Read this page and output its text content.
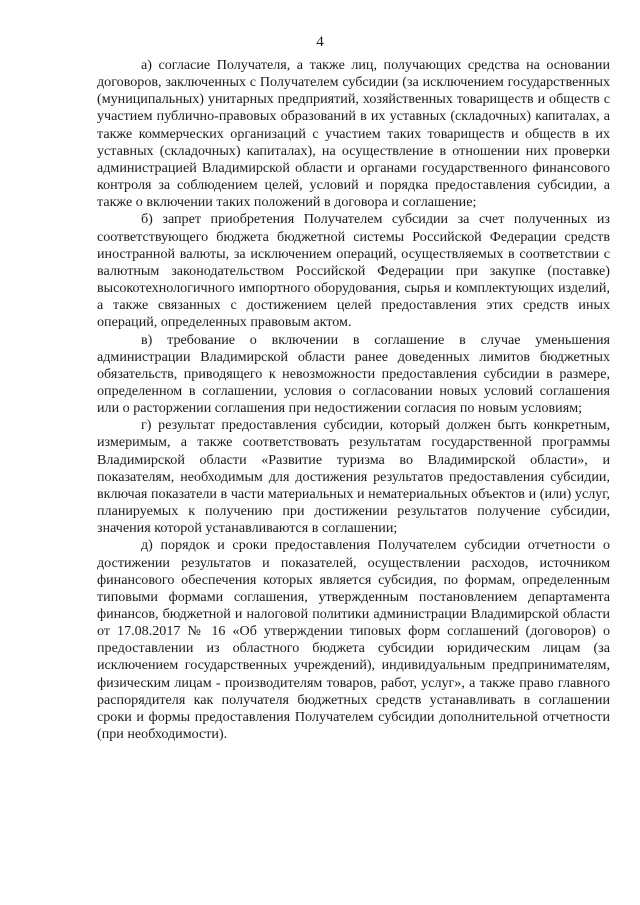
4

а) согласие Получателя, а также лиц, получающих средства на основании договоров, заключенных с Получателем субсидии (за исключением государственных (муниципальных) унитарных предприятий, хозяйственных товариществ и обществ с участием публично-правовых образований в их уставных (складочных) капиталах, а также коммерческих организаций с участием таких товариществ и обществ в их уставных (складочных) капиталах), на осуществление в отношении них проверки администрацией Владимирской области и органами государственного финансового контроля за соблюдением целей, условий и порядка предоставления субсидии, а также о включении таких положений в договора и соглашение;

б) запрет приобретения Получателем субсидии за счет полученных из соответствующего бюджета бюджетной системы Российской Федерации средств иностранной валюты, за исключением операций, осуществляемых в соответствии с валютным законодательством Российской Федерации при закупке (поставке) высокотехнологичного импортного оборудования, сырья и комплектующих изделий, а также связанных с достижением целей предоставления этих средств иных операций, определенных правовым актом.

в) требование о включении в соглашение в случае уменьшения администрации Владимирской области ранее доведенных лимитов бюджетных обязательств, приводящего к невозможности предоставления субсидии в размере, определенном в соглашении, условия о согласовании новых условий соглашения или о расторжении соглашения при недостижении согласия по новым условиям;

г) результат предоставления субсидии, который должен быть конкретным, измеримым, а также соответствовать результатам государственной программы Владимирской области «Развитие туризма во Владимирской области», и показателям, необходимым для достижения результатов предоставления субсидии, включая показатели в части материальных и нематериальных объектов и (или) услуг, планируемых к получению при достижении результатов получение субсидии, значения которой устанавливаются в соглашении;

д) порядок и сроки предоставления Получателем субсидии отчетности о достижении результатов и показателей, осуществлении расходов, источником финансового обеспечения которых является субсидия, по формам, определенным типовыми формами соглашения, утвержденным постановлением департамента финансов, бюджетной и налоговой политики администрации Владимирской области от 17.08.2017 № 16 «Об утверждении типовых форм соглашений (договоров) о предоставлении из областного бюджета субсидии юридическим лицам (за исключением государственных учреждений), индивидуальным предпринимателям, физическим лицам - производителям товаров, работ, услуг», а также право главного распорядителя как получателя бюджетных средств устанавливать в соглашении сроки и формы предоставления Получателем субсидии дополнительной отчетности (при необходимости).
